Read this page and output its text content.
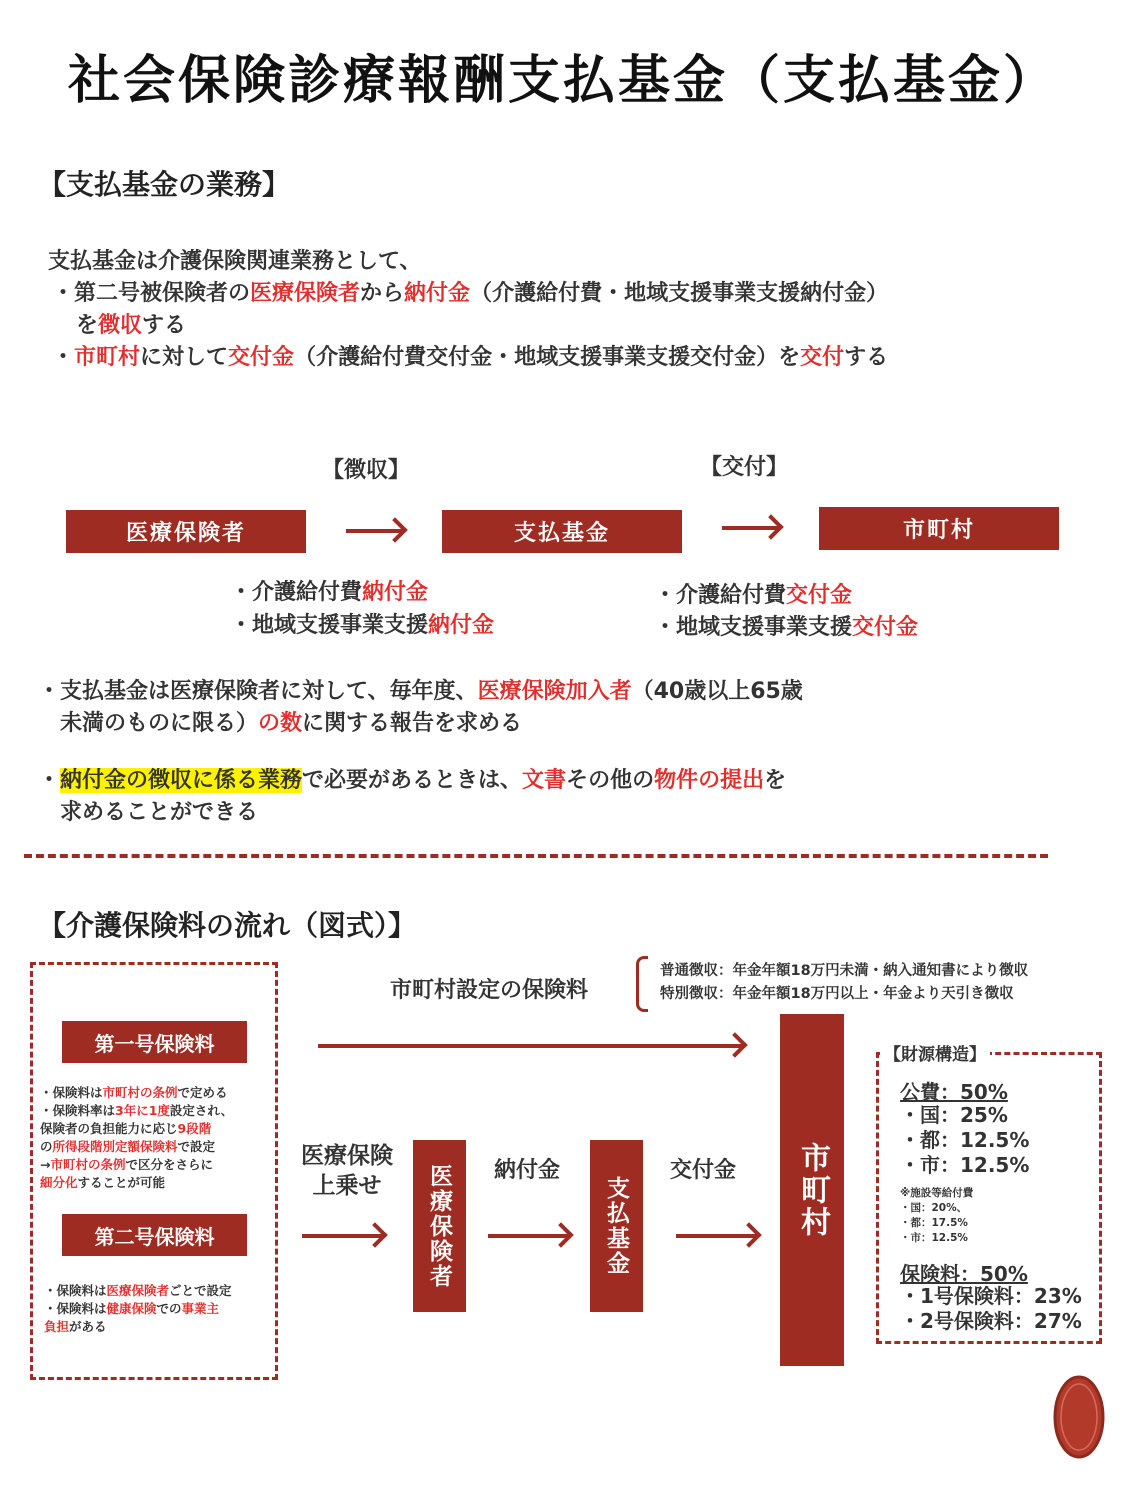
社会保険診療報酬支払基金（支払基金）
【支払基金の業務】
支払基金は介護保険関連業務として、
・第二号被保険者の医療保険者から納付金（介護給付費・地域支援事業支援納付金）
を徴収する
・市町村に対して交付金（介護給付費交付金・地域支援事業支援交付金）を交付する
【徴収】	【交付】
医療保険者	支払基金	市町村
・介護給付費納付金
・地域支援事業支援納付金
・介護給付費交付金
・地域支援事業支援交付金
・支払基金は医療保険者に対して、毎年度、医療保険加入者（40歳以上65歳
未満のものに限る）の数に関する報告を求める
・納付金の徴収に係る業務で必要があるときは、文書その他の物件の提出を
求めることができる
【介護保険料の流れ（図式）】
第一号保険料
・保険料は市町村の条例で定める
・保険料率は3年に1度設定され、
保険者の負担能力に応じ9段階
の所得段階別定額保険料で設定
→市町村の条例で区分をさらに
細分化することが可能
第二号保険料
・保険料は医療保険者ごとで設定
・保険料は健康保険での事業主
負担がある
市町村設定の保険料
普通徴収：年金年額18万円未満・納入通知書により徴収
特別徴収：年金年額18万円以上・年金より天引き徴収
医療保険
上乗せ	医療保険者	納付金
支払基金
交付金	市町村
【財源構造】
公費：50%
・国：25%
・都：12.5%
・市：12.5%
※施設等給付費
・国：20%、
・都：17.5%
・市：12.5%
保険料：50%
・1号保険料：23%
・2号保険料：27%
